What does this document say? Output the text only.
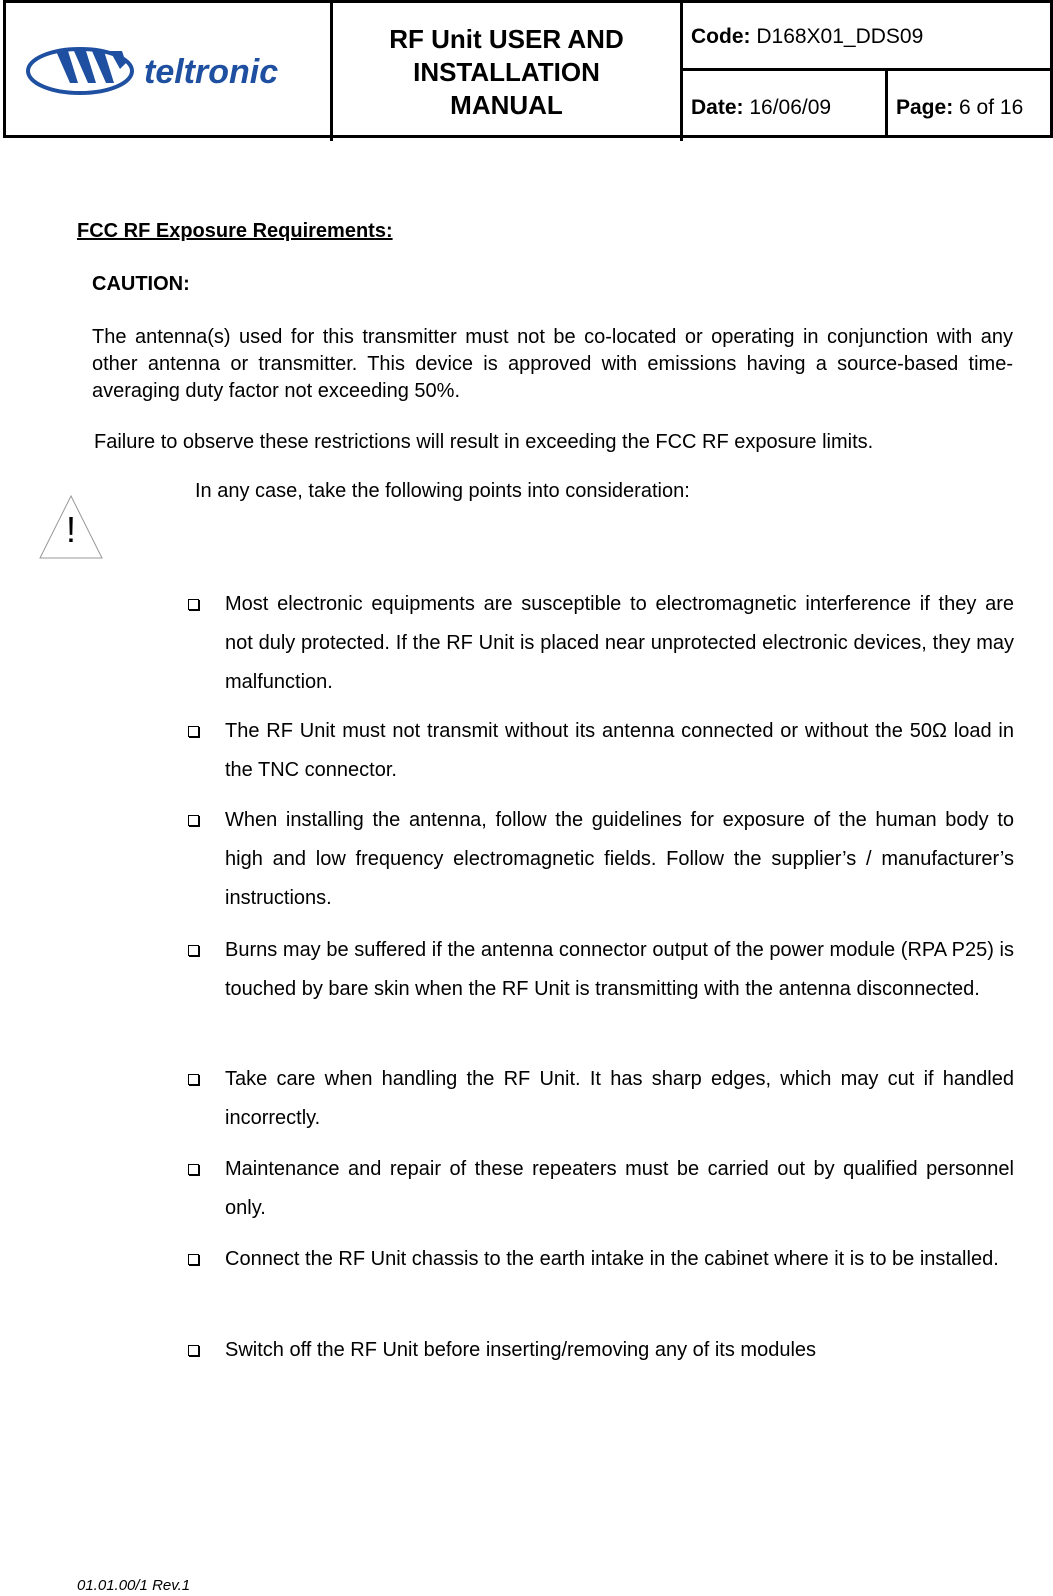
teltronic
RF Unit USER AND
INSTALLATION
MANUAL
Code: D168X01_DDS09
Date: 16/06/09	Page: 6 of 16
FCC RF Exposure Requirements:
CAUTION:
The antenna(s) used for this transmitter must not be co-located or operating in conjunction with any other antenna or transmitter. This device is approved with emissions having a source-based time-averaging duty factor not exceeding 50%.
Failure to observe these restrictions will result in exceeding the FCC RF exposure limits.
!
In any case, take the following points into consideration:
Most electronic equipments are susceptible to electromagnetic interference if they are not duly protected. If the RF Unit is placed near unprotected electronic devices, they may malfunction.
The RF Unit must not transmit without its antenna connected or without the 50Ω load in the TNC connector.
When installing the antenna, follow the guidelines for exposure of the human body to high and low frequency electromagnetic fields. Follow the supplier’s / manufacturer’s instructions.
Burns may be suffered if the antenna connector output of the power module (RPA P25) is touched by bare skin when the RF Unit is transmitting with the antenna disconnected.
Take care when handling the RF Unit. It has sharp edges, which may cut if handled incorrectly.
Maintenance and repair of these repeaters must be carried out by qualified personnel only.
Connect the RF Unit chassis to the earth intake in the cabinet where it is to be installed.
Switch off the RF Unit before inserting/removing any of its modules
01.01.00/1 Rev.1
